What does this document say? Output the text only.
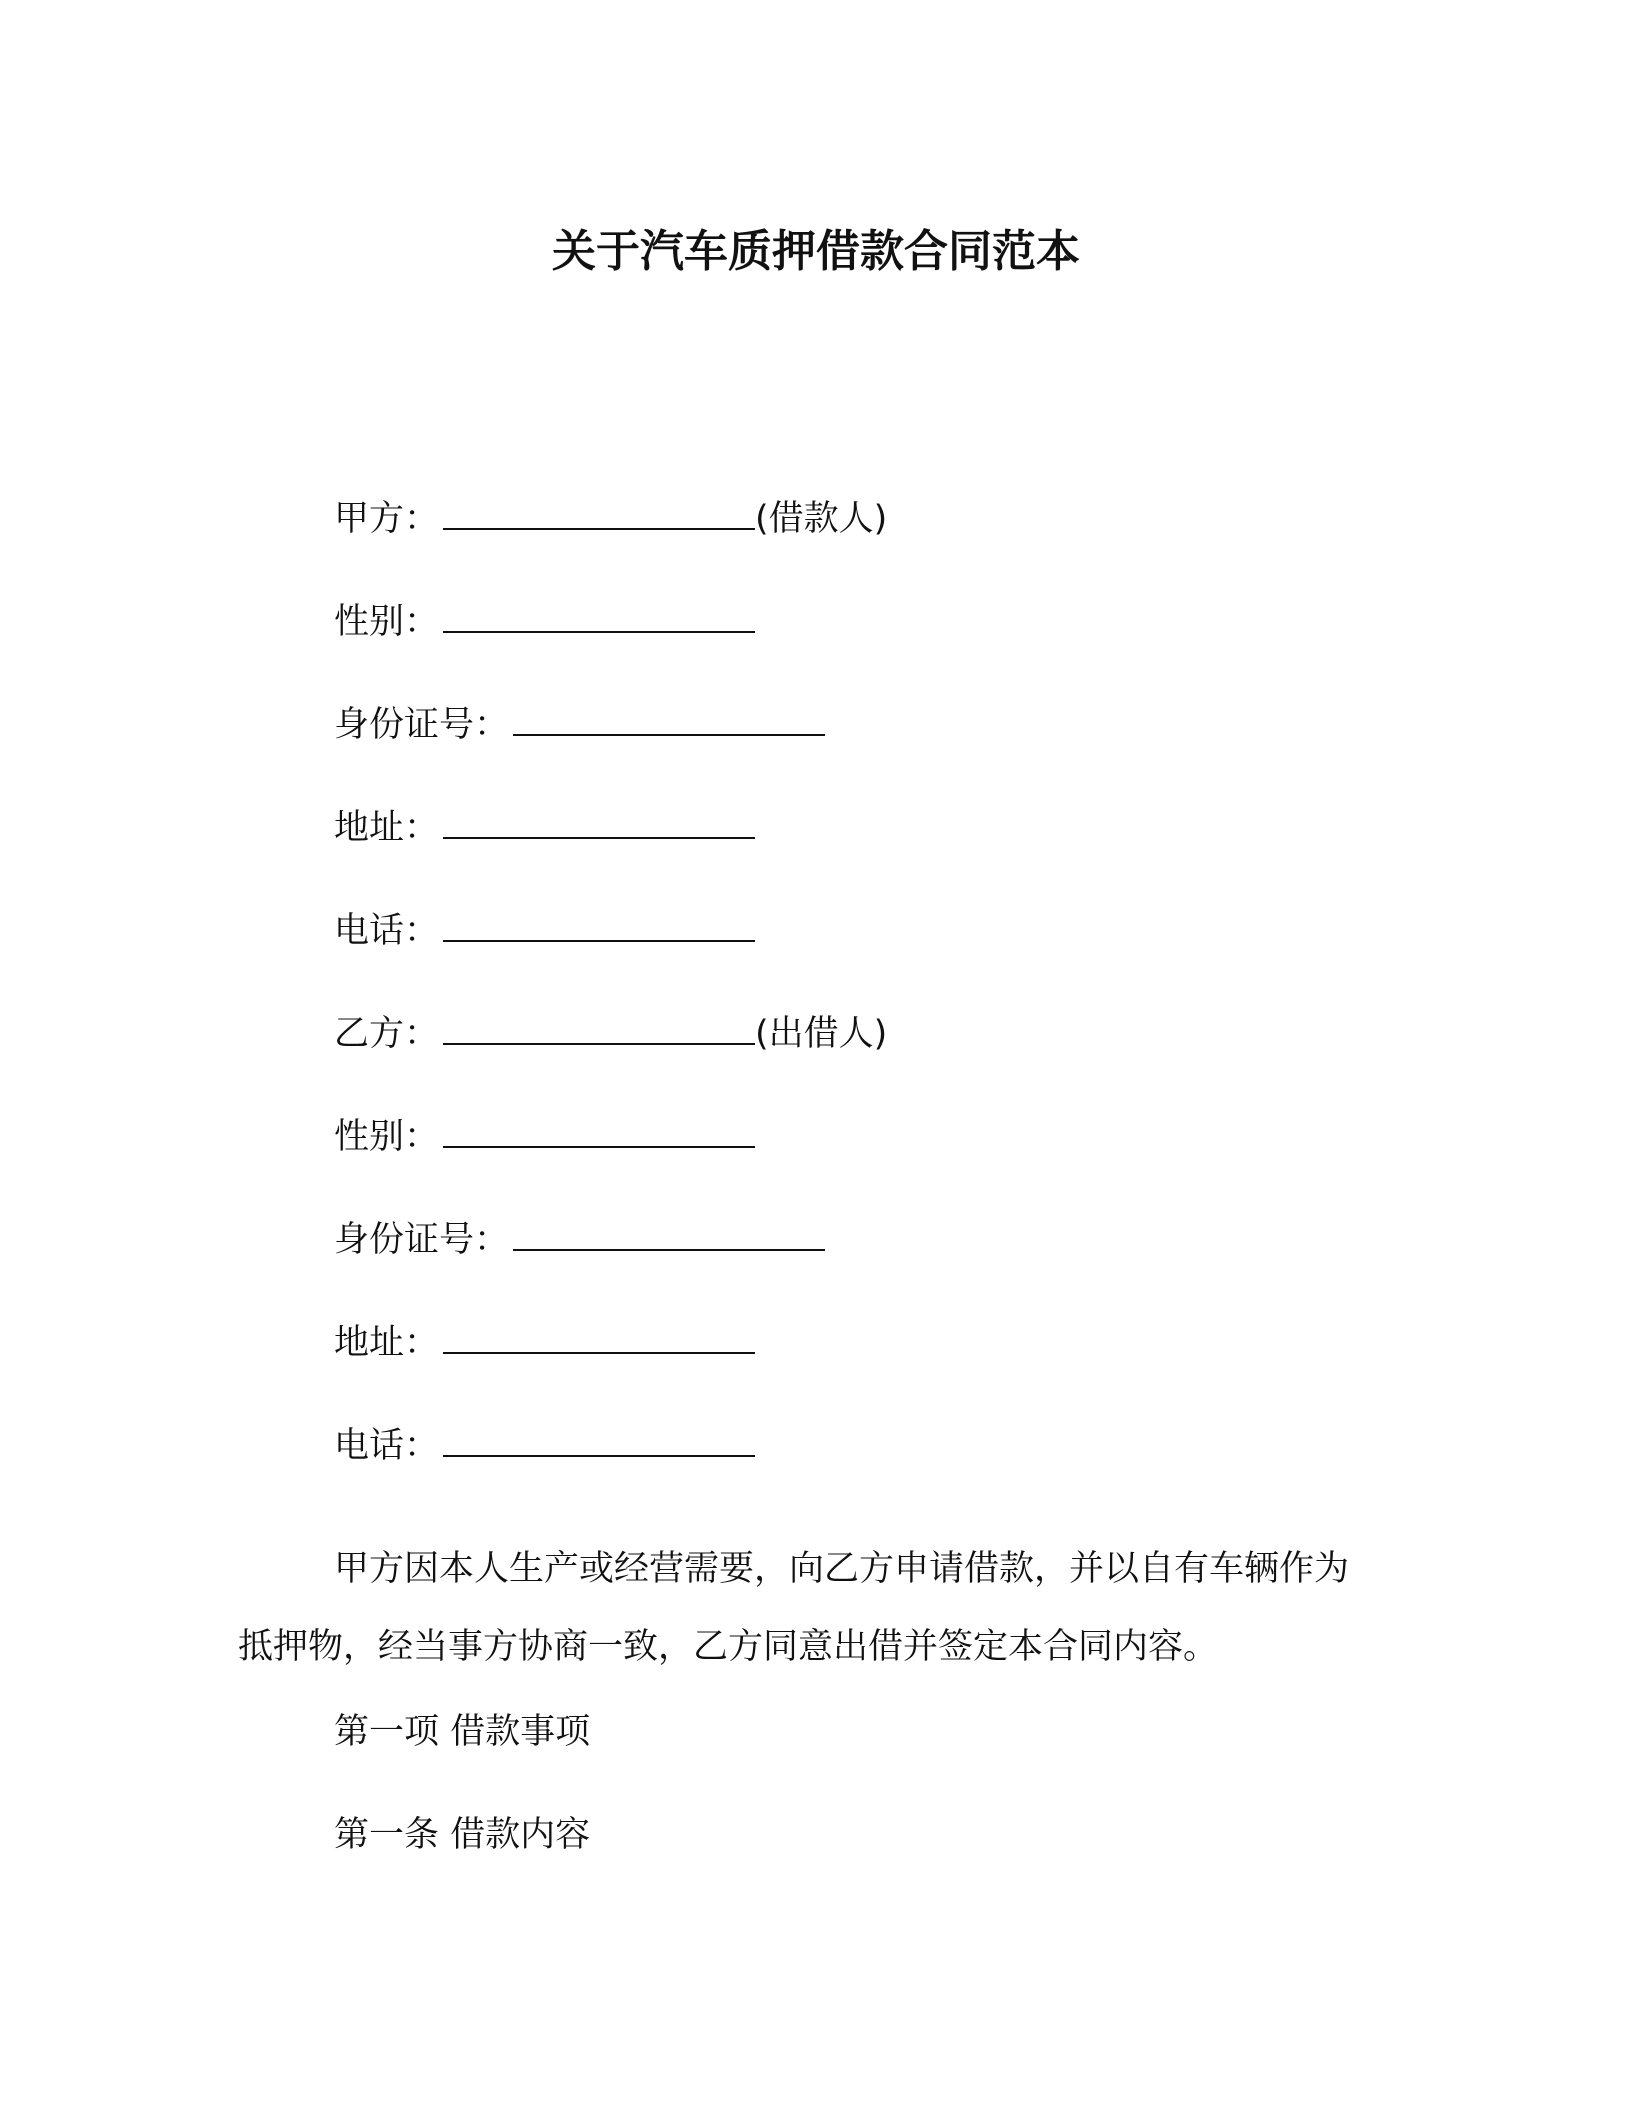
关于汽车质押借款合同范本

甲方：	(借款人)

性别：

身份证号：

地址：

电话：

乙方：	(出借人)

性别：

身份证号：

地址：

电话：

甲方因本人生产或经营需要，向乙方申请借款，并以自有车辆作为抵押物，经当事方协商一致，乙方同意出借并签定本合同内容。

第一项 借款事项

第一条 借款内容
